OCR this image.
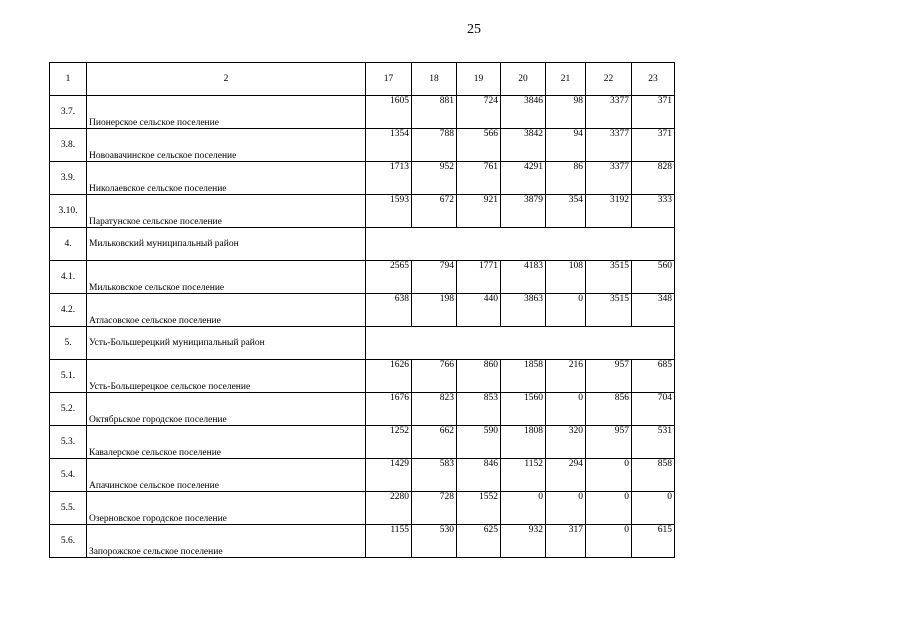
25
1	2	17	18	19	20	21	22	23
3.7.	Пионерское сельское поселение	1605	881	724	3846	98	3377	371
3.8.	Новоавачинское сельское поселение	1354	788	566	3842	94	3377	371
3.9.	Николаевское сельское поселение	1713	952	761	4291	86	3377	828
3.10.	Паратунское сельское поселение	1593	672	921	3879	354	3192	333
4.	Мильковский муниципальный район							
4.1.	Мильковское сельское поселение	2565	794	1771	4183	108	3515	560
4.2.	Атласовское сельское поселение	638	198	440	3863	0	3515	348
5.	Усть-Большерецкий муниципальный район							
5.1.	Усть-Большерецкое сельское поселение	1626	766	860	1858	216	957	685
5.2.	Октябрьское городское поселение	1676	823	853	1560	0	856	704
5.3.	Кавалерское сельское поселение	1252	662	590	1808	320	957	531
5.4.	Апачинское сельское поселение	1429	583	846	1152	294	0	858
5.5.	Озерновское городское поселение	2280	728	1552	0	0	0	0
5.6.	Запорожское сельское поселение	1155	530	625	932	317	0	615
